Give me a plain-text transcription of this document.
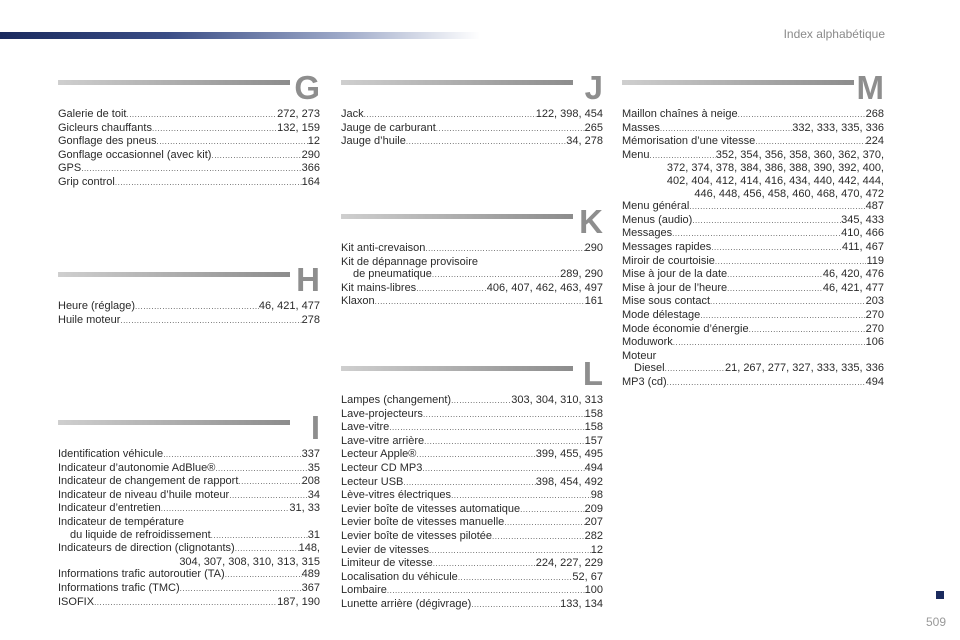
Index alphabétique
G
Galerie de toit .....	272, 273
Gicleurs chauffants .....	132, 159
Gonflage des pneus .....	12
Gonflage occasionnel (avec kit) .....	290
GPS .....	366
Grip control .....	164
H
Heure (réglage) .....	46, 421, 477
Huile moteur .....	278
I
Identification véhicule .....	337
Indicateur d’autonomie AdBlue® .....	35
Indicateur de changement de rapport .....	208
Indicateur de niveau d’huile moteur .....	34
Indicateur d’entretien .....	31, 33
Indicateur de température
du liquide de refroidissement .....	31
Indicateurs de direction (clignotants) .....	148,
304, 307, 308, 310, 313, 315
Informations trafic autoroutier (TA) .....	489
Informations trafic (TMC) .....	367
ISOFIX .....	187, 190
J
Jack .....	122, 398, 454
Jauge de carburant .....	265
Jauge d’huile .....	34, 278
K
Kit anti-crevaison .....	290
Kit de dépannage provisoire
de pneumatique .....	289, 290
Kit mains-libres .....	406, 407, 462, 463, 497
Klaxon .....	161
L
Lampes (changement) .....	303, 304, 310, 313
Lave-projecteurs .....	158
Lave-vitre .....	158
Lave-vitre arrière .....	157
Lecteur Apple® .....	399, 455, 495
Lecteur CD MP3 .....	494
Lecteur USB .....	398, 454, 492
Lève-vitres électriques .....	98
Levier boîte de vitesses automatique .....	209
Levier boîte de vitesses manuelle .....	207
Levier boîte de vitesses pilotée .....	282
Levier de vitesses .....	12
Limiteur de vitesse .....	224, 227, 229
Localisation du véhicule .....	52, 67
Lombaire .....	100
Lunette arrière (dégivrage) .....	133, 134
M
Maillon chaînes à neige .....	268
Masses .....	332, 333, 335, 336
Mémorisation d’une vitesse .....	224
Menu .....	352, 354, 356, 358, 360, 362, 370,
372, 374, 378, 384, 386, 388, 390, 392, 400,
402, 404, 412, 414, 416, 434, 440, 442, 444,
446, 448, 456, 458, 460, 468, 470, 472
Menu général .....	487
Menus (audio) .....	345, 433
Messages .....	410, 466
Messages rapides .....	411, 467
Miroir de courtoisie .....	119
Mise à jour de la date .....	46, 420, 476
Mise à jour de l’heure .....	46, 421, 477
Mise sous contact .....	203
Mode délestage .....	270
Mode économie d’énergie .....	270
Moduwork .....	106
Moteur
Diesel .....	21, 267, 277, 327, 333, 335, 336
MP3 (cd) .....	494
509
